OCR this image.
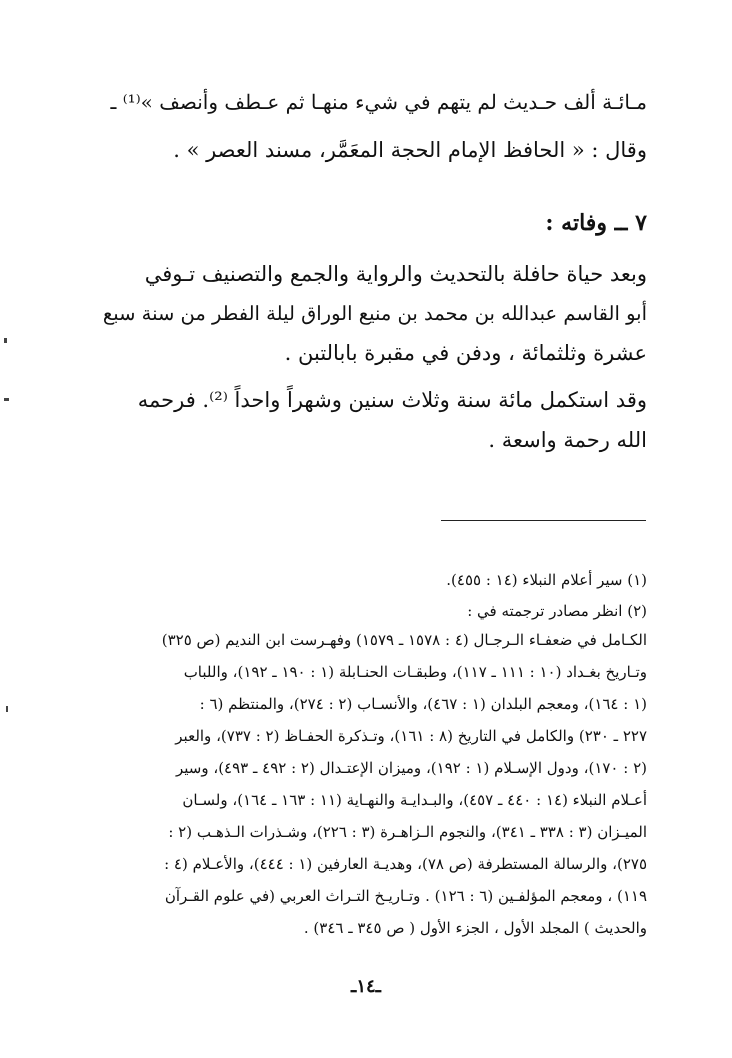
مـائـة ألف حـديث لم يتهم في شيء منهـا ثم عـطف وأنصف »⁽¹⁾ ـ
وقال : « الحافظ الإمام الحجة المعَمَّر، مسند العصر » .
٧ ــ وفاته :
وبعد حياة حافلة بالتحديث والرواية والجمع والتصنيف تـوفي
أبو القاسم عبدالله بن محمد بن منيع الوراق ليلة الفطر من سنة سبع
عشرة وثلثمائة ، ودفن في مقبرة بابالتبن .
وقد استكمل مائة سنة وثلاث سنين وشهراً واحداً ⁽²⁾. فرحمه
الله رحمة واسعة .
(١) سير أعلام النبلاء (١٤ : ٤٥٥).
(٢) انظر مصادر ترجمته في :
الكـامل في ضعفـاء الـرجـال (٤ : ١٥٧٨ ـ ١٥٧٩) وفهـرست ابن النديم (ص ٣٢٥)
وتـاريخ بغـداد (١٠ : ١١١ ـ ١١٧)، وطبقـات الحنـابلة (١ : ١٩٠ ـ ١٩٢)، واللباب
(١ : ١٦٤)، ومعجم البلدان (١ : ٤٦٧)، والأنسـاب (٢ : ٢٧٤)، والمنتظم (٦ :
٢٢٧ ـ ٢٣٠) والكامل في التاريخ (٨ : ١٦١)، وتـذكرة الحفـاظ (٢ : ٧٣٧)، والعبر
(٢ : ١٧٠)، ودول الإسـلام (١ : ١٩٢)، وميزان الإعتـدال (٢ : ٤٩٢ ـ ٤٩٣)، وسير
أعـلام النبلاء (١٤ : ٤٤٠ ـ ٤٥٧)، والبـدايـة والنهـاية (١١ : ١٦٣ ـ ١٦٤)، ولسـان
الميـزان (٣ : ٣٣٨ ـ ٣٤١)، والنجوم الـزاهـرة (٣ : ٢٢٦)، وشـذرات الـذهـب (٢ :
٢٧٥)، والرسالة المستطرفة (ص ٧٨)، وهديـة العارفين (١ : ٤٤٤)، والأعـلام (٤ :
١١٩) ، ومعجم المؤلفـين (٦ : ١٢٦) . وتـاريـخ التـراث العربي (في علوم القـرآن
والحديث ) المجلد الأول ، الجزء الأول ( ص ٣٤٥ ـ ٣٤٦) .
ـ١٤ـ
